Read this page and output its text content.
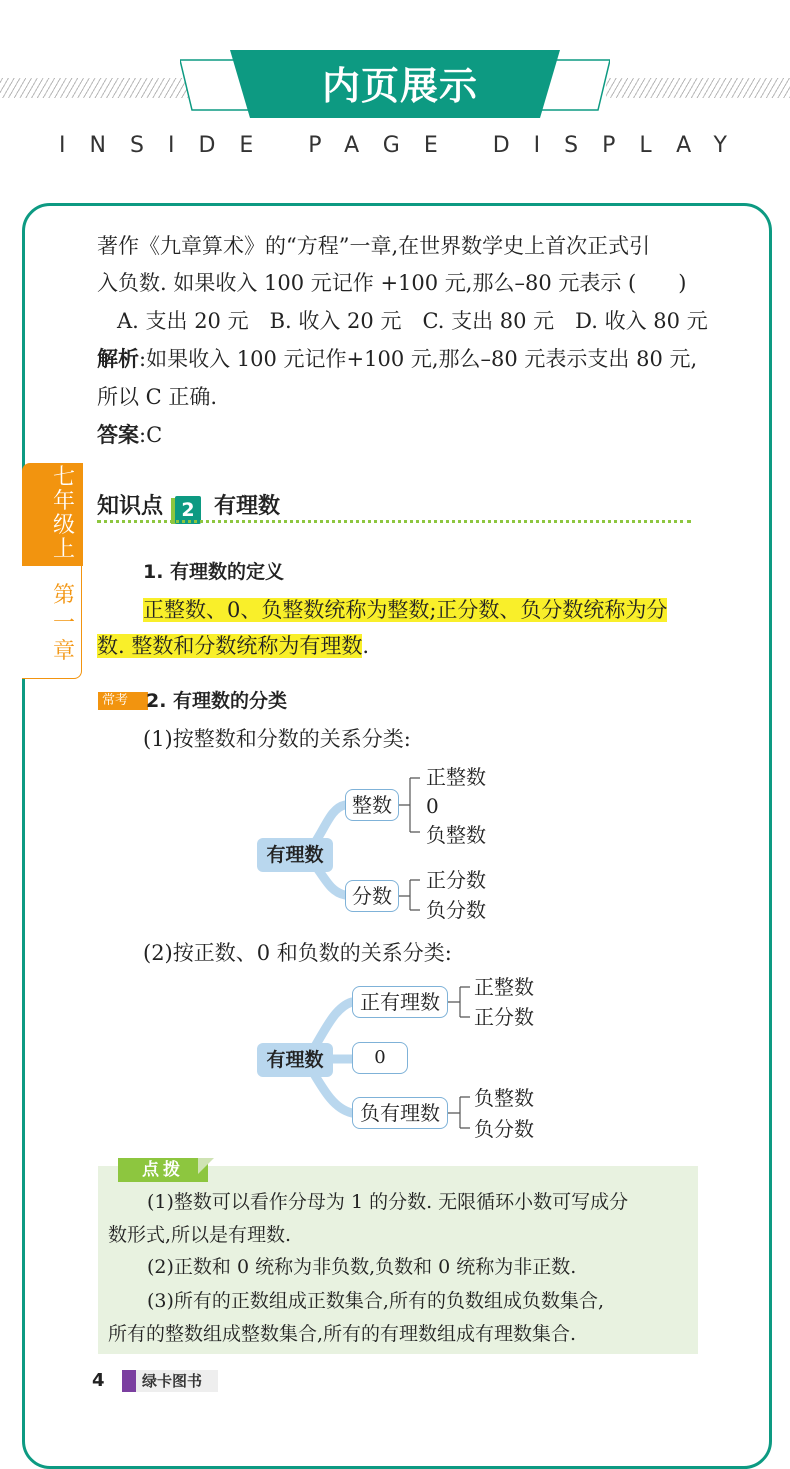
内页展示
INSIDE PAGE DISPLAY
七年级上
第一章
著作《九章算术》的“方程”一章,在世界数学史上首次正式引
入负数. 如果收入 100 元记作 +100 元,那么–80 元表示 (　　)
A. 支出 20 元　B. 收入 20 元　C. 支出 80 元　D. 收入 80 元
解析:如果收入 100 元记作+100 元,那么–80 元表示支出 80 元,
所以 C 正确.
答案:C
知识点 2 有理数
1. 有理数的定义
正整数、0、负整数统称为整数;正分数、负分数统称为分
数. 整数和分数统称为有理数.
常考 2. 有理数的分类
(1)按整数和分数的关系分类:
有理数
整数
分数
正整数
0
负整数
正分数
负分数
(2)按正数、0 和负数的关系分类:
有理数
正有理数
0
负有理数
正整数
正分数
负整数
负分数
点拨
(1)整数可以看作分母为 1 的分数. 无限循环小数可写成分
数形式,所以是有理数.
(2)正数和 0 统称为非负数,负数和 0 统称为非正数.
(3)所有的正数组成正数集合,所有的负数组成负数集合,
所有的整数组成整数集合,所有的有理数组成有理数集合.
4	绿卡图书
